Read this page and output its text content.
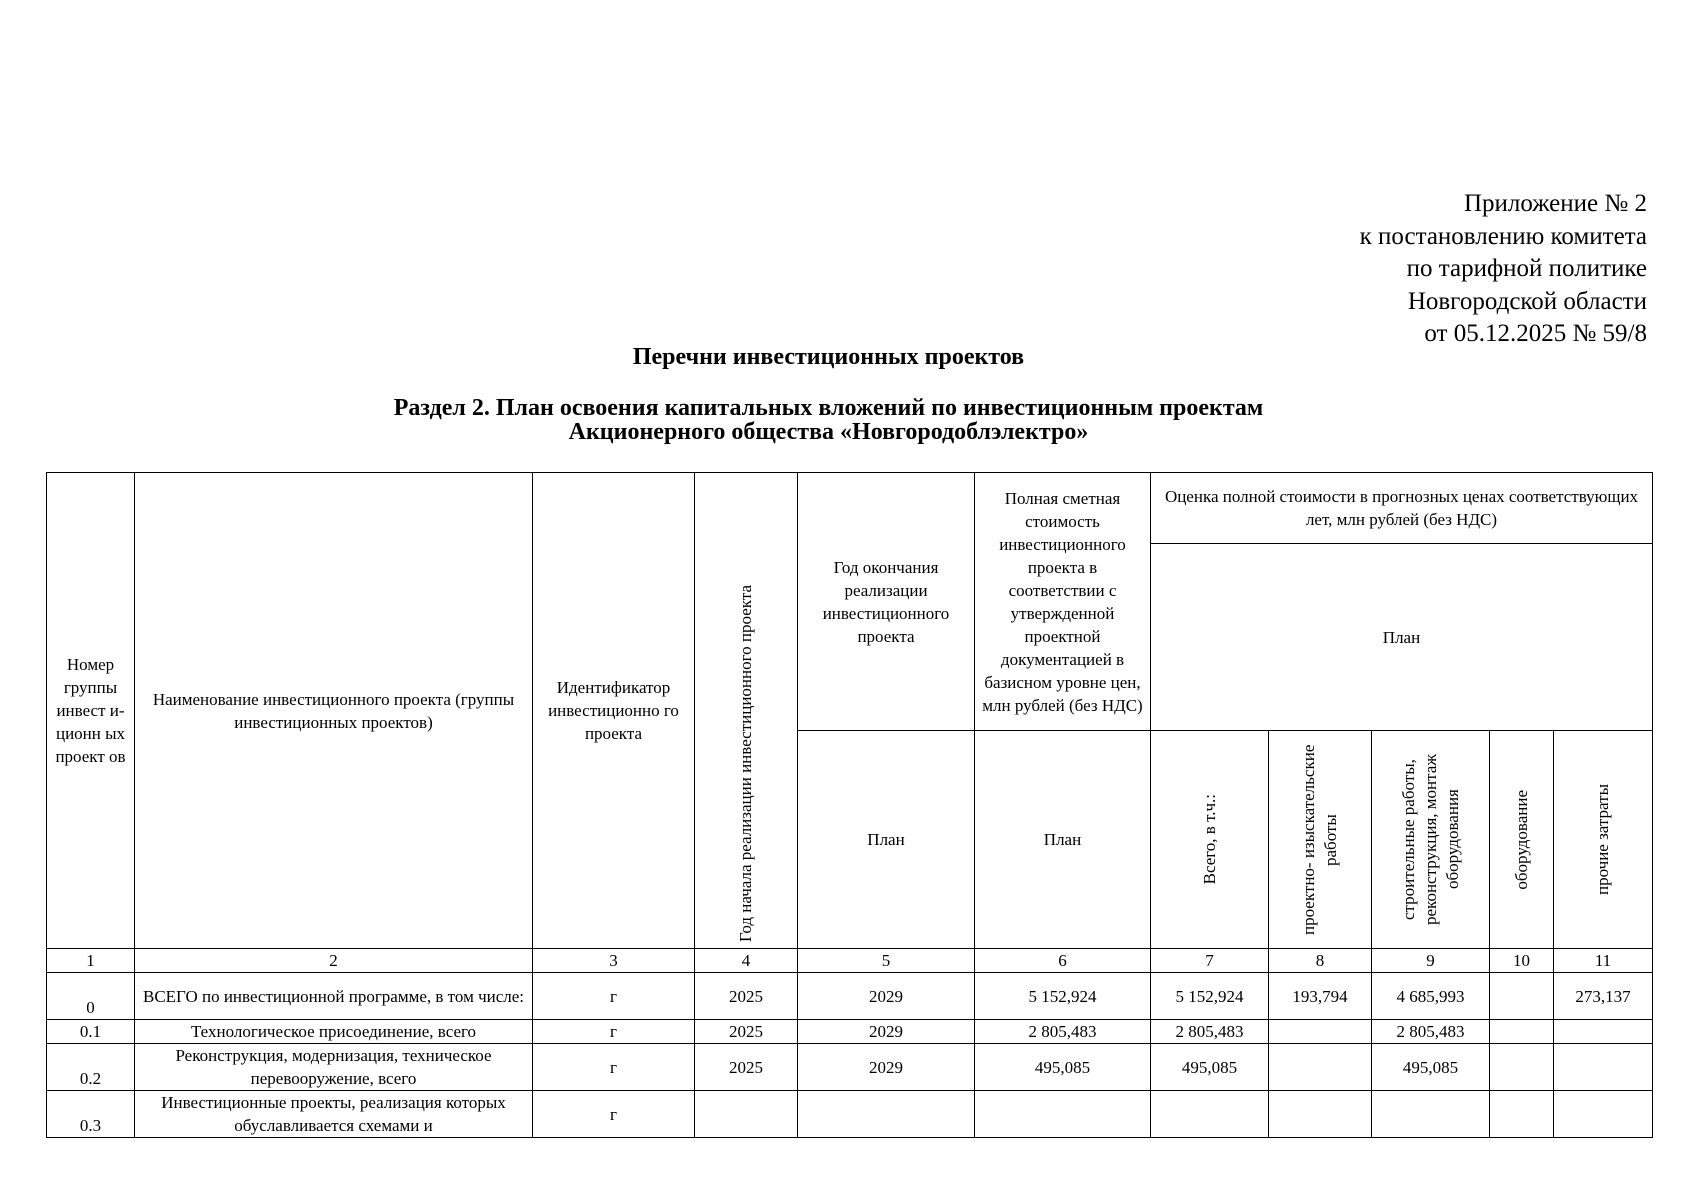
Приложение № 2
к постановлению комитета
по тарифной политике
Новгородской области
от 05.12.2025 № 59/8
Перечни инвестиционных проектов
Раздел 2. План освоения капитальных вложений по инвестиционным проектам
Акционерного общества «Новгородоблэлектро»
Номер группы инвест и- ционн ых проект ов	Наименование инвестиционного проекта (группы инвестиционных проектов)	Идентификатор инвестиционно го проекта	Год начала реализации инвестиционного проекта	Год окончания реализации инвестиционного проекта	Полная сметная стоимость инвестиционного проекта в соответствии с утвержденной проектной документацией в базисном уровне цен, млн рублей (без НДС)	Оценка полной стоимости в прогнозных ценах соответствующих лет, млн рублей (без НДС)				
						План				
				План	План	Всего, в т.ч.:	проектно- изыскательские работы	строительные работы, реконструкция, монтаж оборудования	оборудование	прочие затраты

1	2	3	4	5	6	7	8	9	10	11
0	ВСЕГО по инвестиционной программе, в том числе:	г	2025	2029	5 152,924	5 152,924	193,794	4 685,993		273,137
0.1	Технологическое присоединение, всего	г	2025	2029	2 805,483	2 805,483		2 805,483		
0.2	Реконструкция, модернизация, техническое перевооружение, всего	г	2025	2029	495,085	495,085		495,085		
0.3	Инвестиционные проекты, реализация которых обуславливается схемами и	г								
